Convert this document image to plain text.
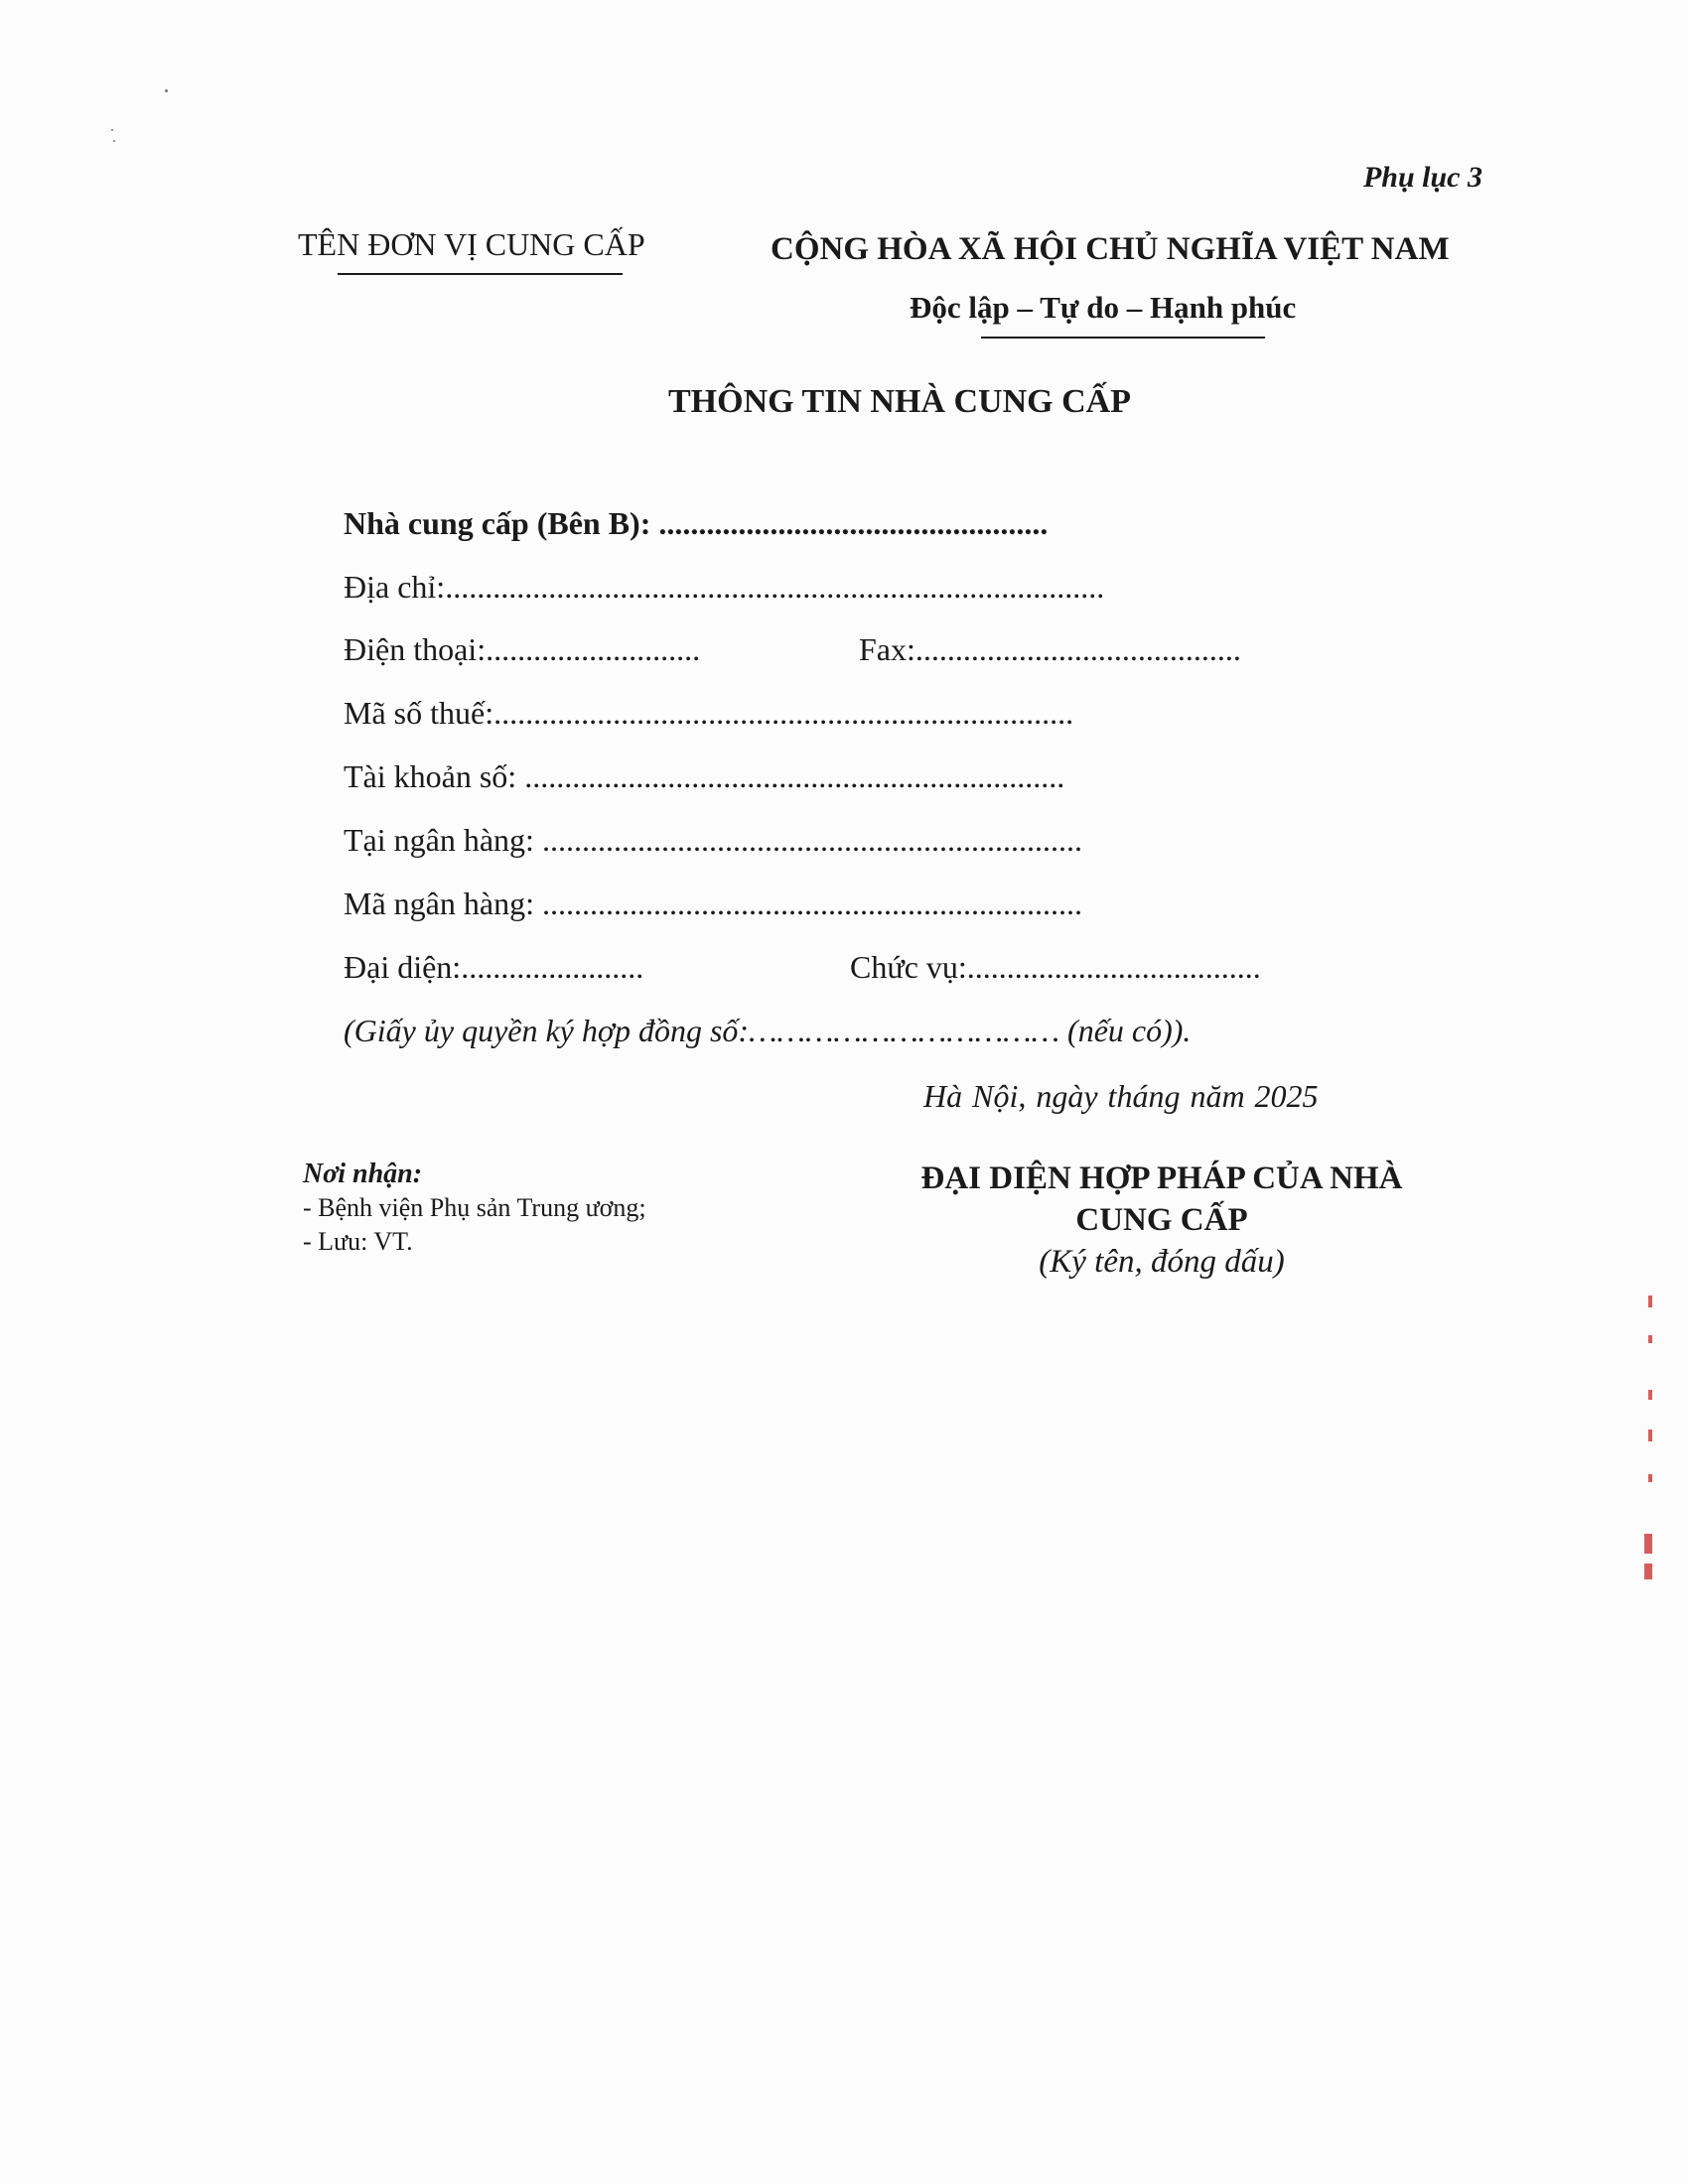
Phụ lục 3
TÊN ĐƠN VỊ CUNG CẤP	CỘNG HÒA XÃ HỘI CHỦ NGHĨA VIỆT NAM
Độc lập – Tự do – Hạnh phúc
THÔNG TIN NHÀ CUNG CẤP
Nhà cung cấp (Bên B): .................................................
Địa chỉ:...................................................................................
Điện thoại:...........................	Fax:.........................................
Mã số thuế:.........................................................................
Tài khoản số: ....................................................................
Tại ngân hàng: ....................................................................
Mã ngân hàng: ....................................................................
Đại diện:.......................	Chức vụ:.....................................
(Giấy ủy quyền ký hợp đồng số:…………………………… (nếu có)).
Hà Nội, ngày tháng năm 2025
Nơi nhận:
- Bệnh viện Phụ sản Trung ương;
- Lưu: VT.
ĐẠI DIỆN HỢP PHÁP CỦA NHÀ
CUNG CẤP
(Ký tên, đóng dấu)
